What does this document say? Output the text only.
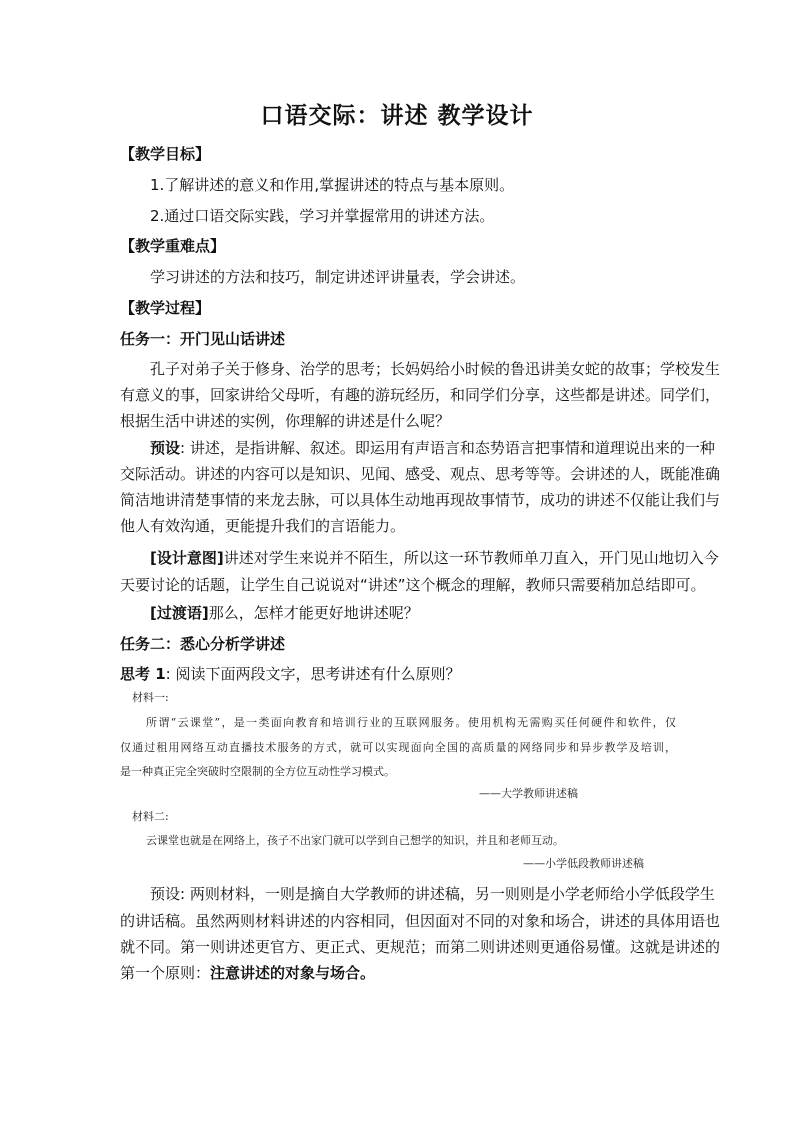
口语交际：讲述 教学设计
【教学目标】
1.了解讲述的意义和作用,掌握讲述的特点与基本原则。
2.通过口语交际实践，学习并掌握常用的讲述方法。
【教学重难点】
学习讲述的方法和技巧，制定讲述评讲量表，学会讲述。
【教学过程】
任务一：开门见山话讲述
孔子对弟子关于修身、治学的思考；长妈妈给小时候的鲁迅讲美女蛇的故事；学校发生
有意义的事，回家讲给父母听，有趣的游玩经历，和同学们分享，这些都是讲述。同学们，
根据生活中讲述的实例，你理解的讲述是什么呢？
预设: 讲述，是指讲解、叙述。即运用有声语言和态势语言把事情和道理说出来的一种
交际活动。讲述的内容可以是知识、见闻、感受、观点、思考等等。会讲述的人，既能准确
简洁地讲清楚事情的来龙去脉，可以具体生动地再现故事情节，成功的讲述不仅能让我们与
他人有效沟通，更能提升我们的言语能力。
[设计意图]讲述对学生来说并不陌生，所以这一环节教师单刀直入，开门见山地切入今
天要讨论的话题，让学生自己说说对“讲述”这个概念的理解，教师只需要稍加总结即可。
[过渡语]那么，怎样才能更好地讲述呢？
任务二：悉心分析学讲述
思考 1: 阅读下面两段文字，思考讲述有什么原则？
材料一:
所谓“云课堂”，是一类面向教育和培训行业的互联网服务。使用机构无需购买任何硬件和软件，仅
仅通过租用网络互动直播技术服务的方式，就可以实现面向全国的高质量的网络同步和异步教学及培训，
是一种真正完全突破时空限制的全方位互动性学习模式。
——大学教师讲述稿
材料二:
云课堂也就是在网络上，孩子不出家门就可以学到自己想学的知识，并且和老师互动。
——小学低段教师讲述稿
预设: 两则材料，一则是摘自大学教师的讲述稿，另一则则是小学老师给小学低段学生
的讲话稿。虽然两则材料讲述的内容相同，但因面对不同的对象和场合，讲述的具体用语也
就不同。第一则讲述更官方、更正式、更规范；而第二则讲述则更通俗易懂。这就是讲述的
第一个原则：注意讲述的对象与场合。
